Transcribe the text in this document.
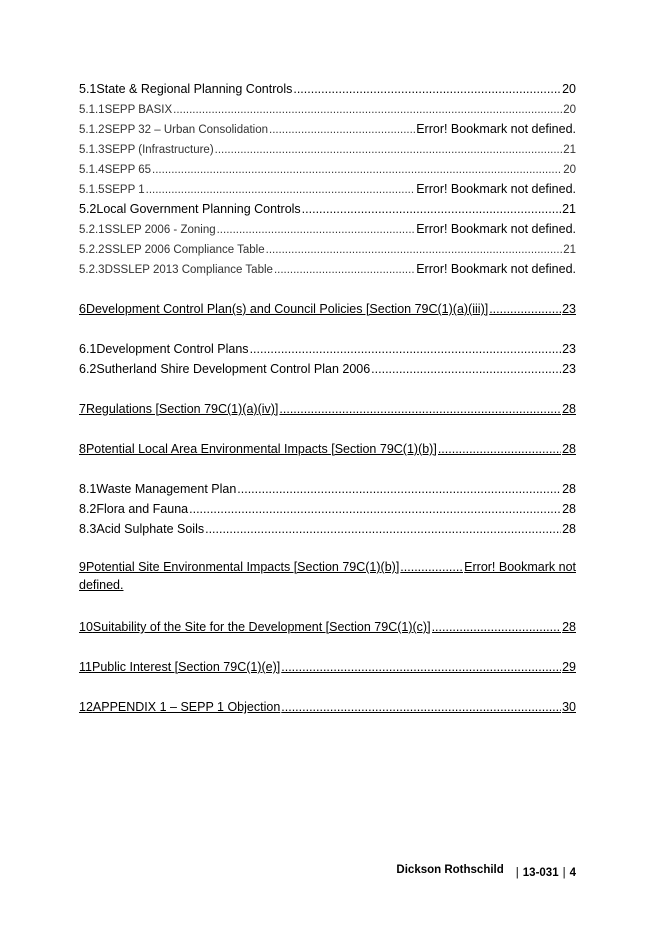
5.1 State & Regional Planning Controls .....	20
5.1.1 SEPP BASIX .....	20
5.1.2 SEPP 32 – Urban Consolidation .....	Error! Bookmark not defined.
5.1.3 SEPP (Infrastructure) .....	21
5.1.4 SEPP 65 .....	20
5.1.5 SEPP 1 .....	Error! Bookmark not defined.
5.2 Local Government Planning Controls .....	21
5.2.1 SSLEP 2006 - Zoning .....	Error! Bookmark not defined.
5.2.2 SSLEP 2006 Compliance Table .....	21
5.2.3 DSSLEP 2013 Compliance Table .....	Error! Bookmark not defined.
6 Development Control Plan(s) and Council Policies [Section 79C(1)(a)(iii)] .....	23
6.1 Development Control Plans .....	23
6.2 Sutherland Shire Development Control Plan 2006 .....	23
7 Regulations [Section 79C(1)(a)(iv)] .....	28
8 Potential Local Area Environmental Impacts [Section 79C(1)(b)] .....	28
8.1 Waste Management Plan .....	28
8.2 Flora and Fauna .....	28
8.3 Acid Sulphate Soils .....	28
9 Potential Site Environmental Impacts [Section 79C(1)(b)] .....	Error! Bookmark not
defined.
10 Suitability of the Site for the Development [Section 79C(1)(c)] .....	28
11 Public Interest [Section 79C(1)(e)] .....	29
12 APPENDIX 1 – SEPP 1 Objection .....	30
Dickson Rothschild | 13-031 | 4
